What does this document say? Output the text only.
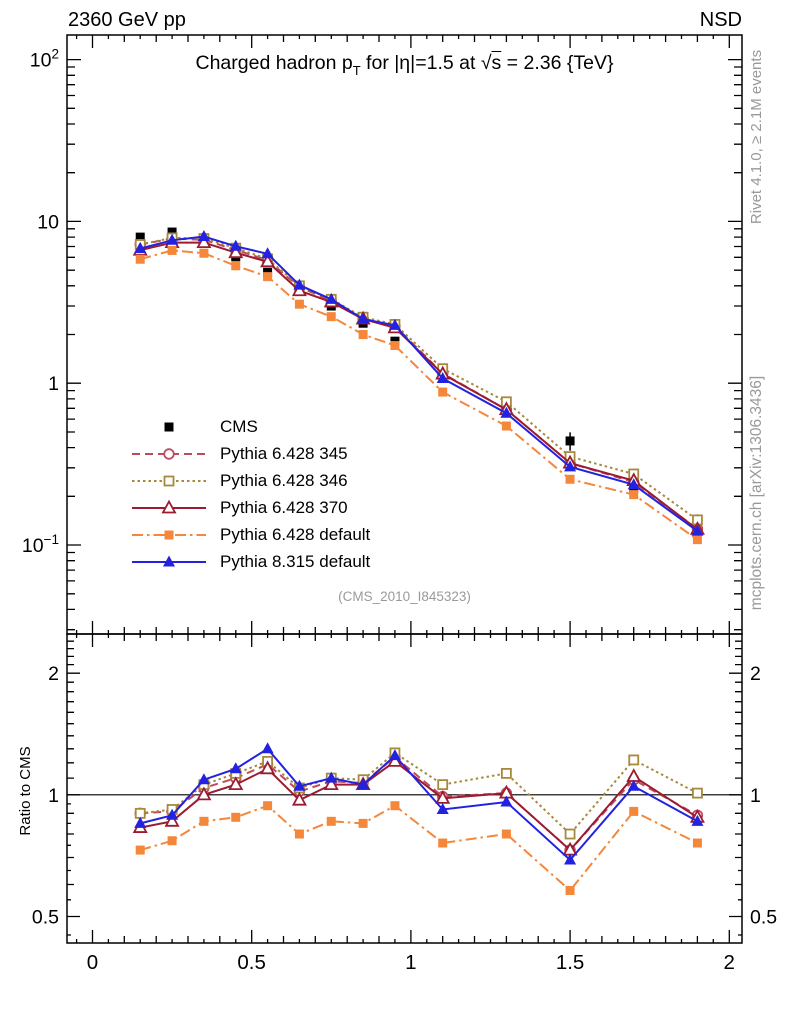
$10^2$
10
1
$10^{-1}$
2	2
1	1
0.5	0.5
0	0.5	1	1.5	2
2360 GeV pp	NSD
Charged hadron $p_T$ for |η|=1.5 at √s = 2.36 {TeV}
CMS
Pythia 6.428 345
Pythia 6.428 346
Pythia 6.428 370
Pythia 6.428 default
Pythia 8.315 default
(CMS_2010_I845323)
Rivet 4.1.0, ≥ 2.1M events
mcplots.cern.ch [arXiv:1306.3436]
Ratio to CMS
